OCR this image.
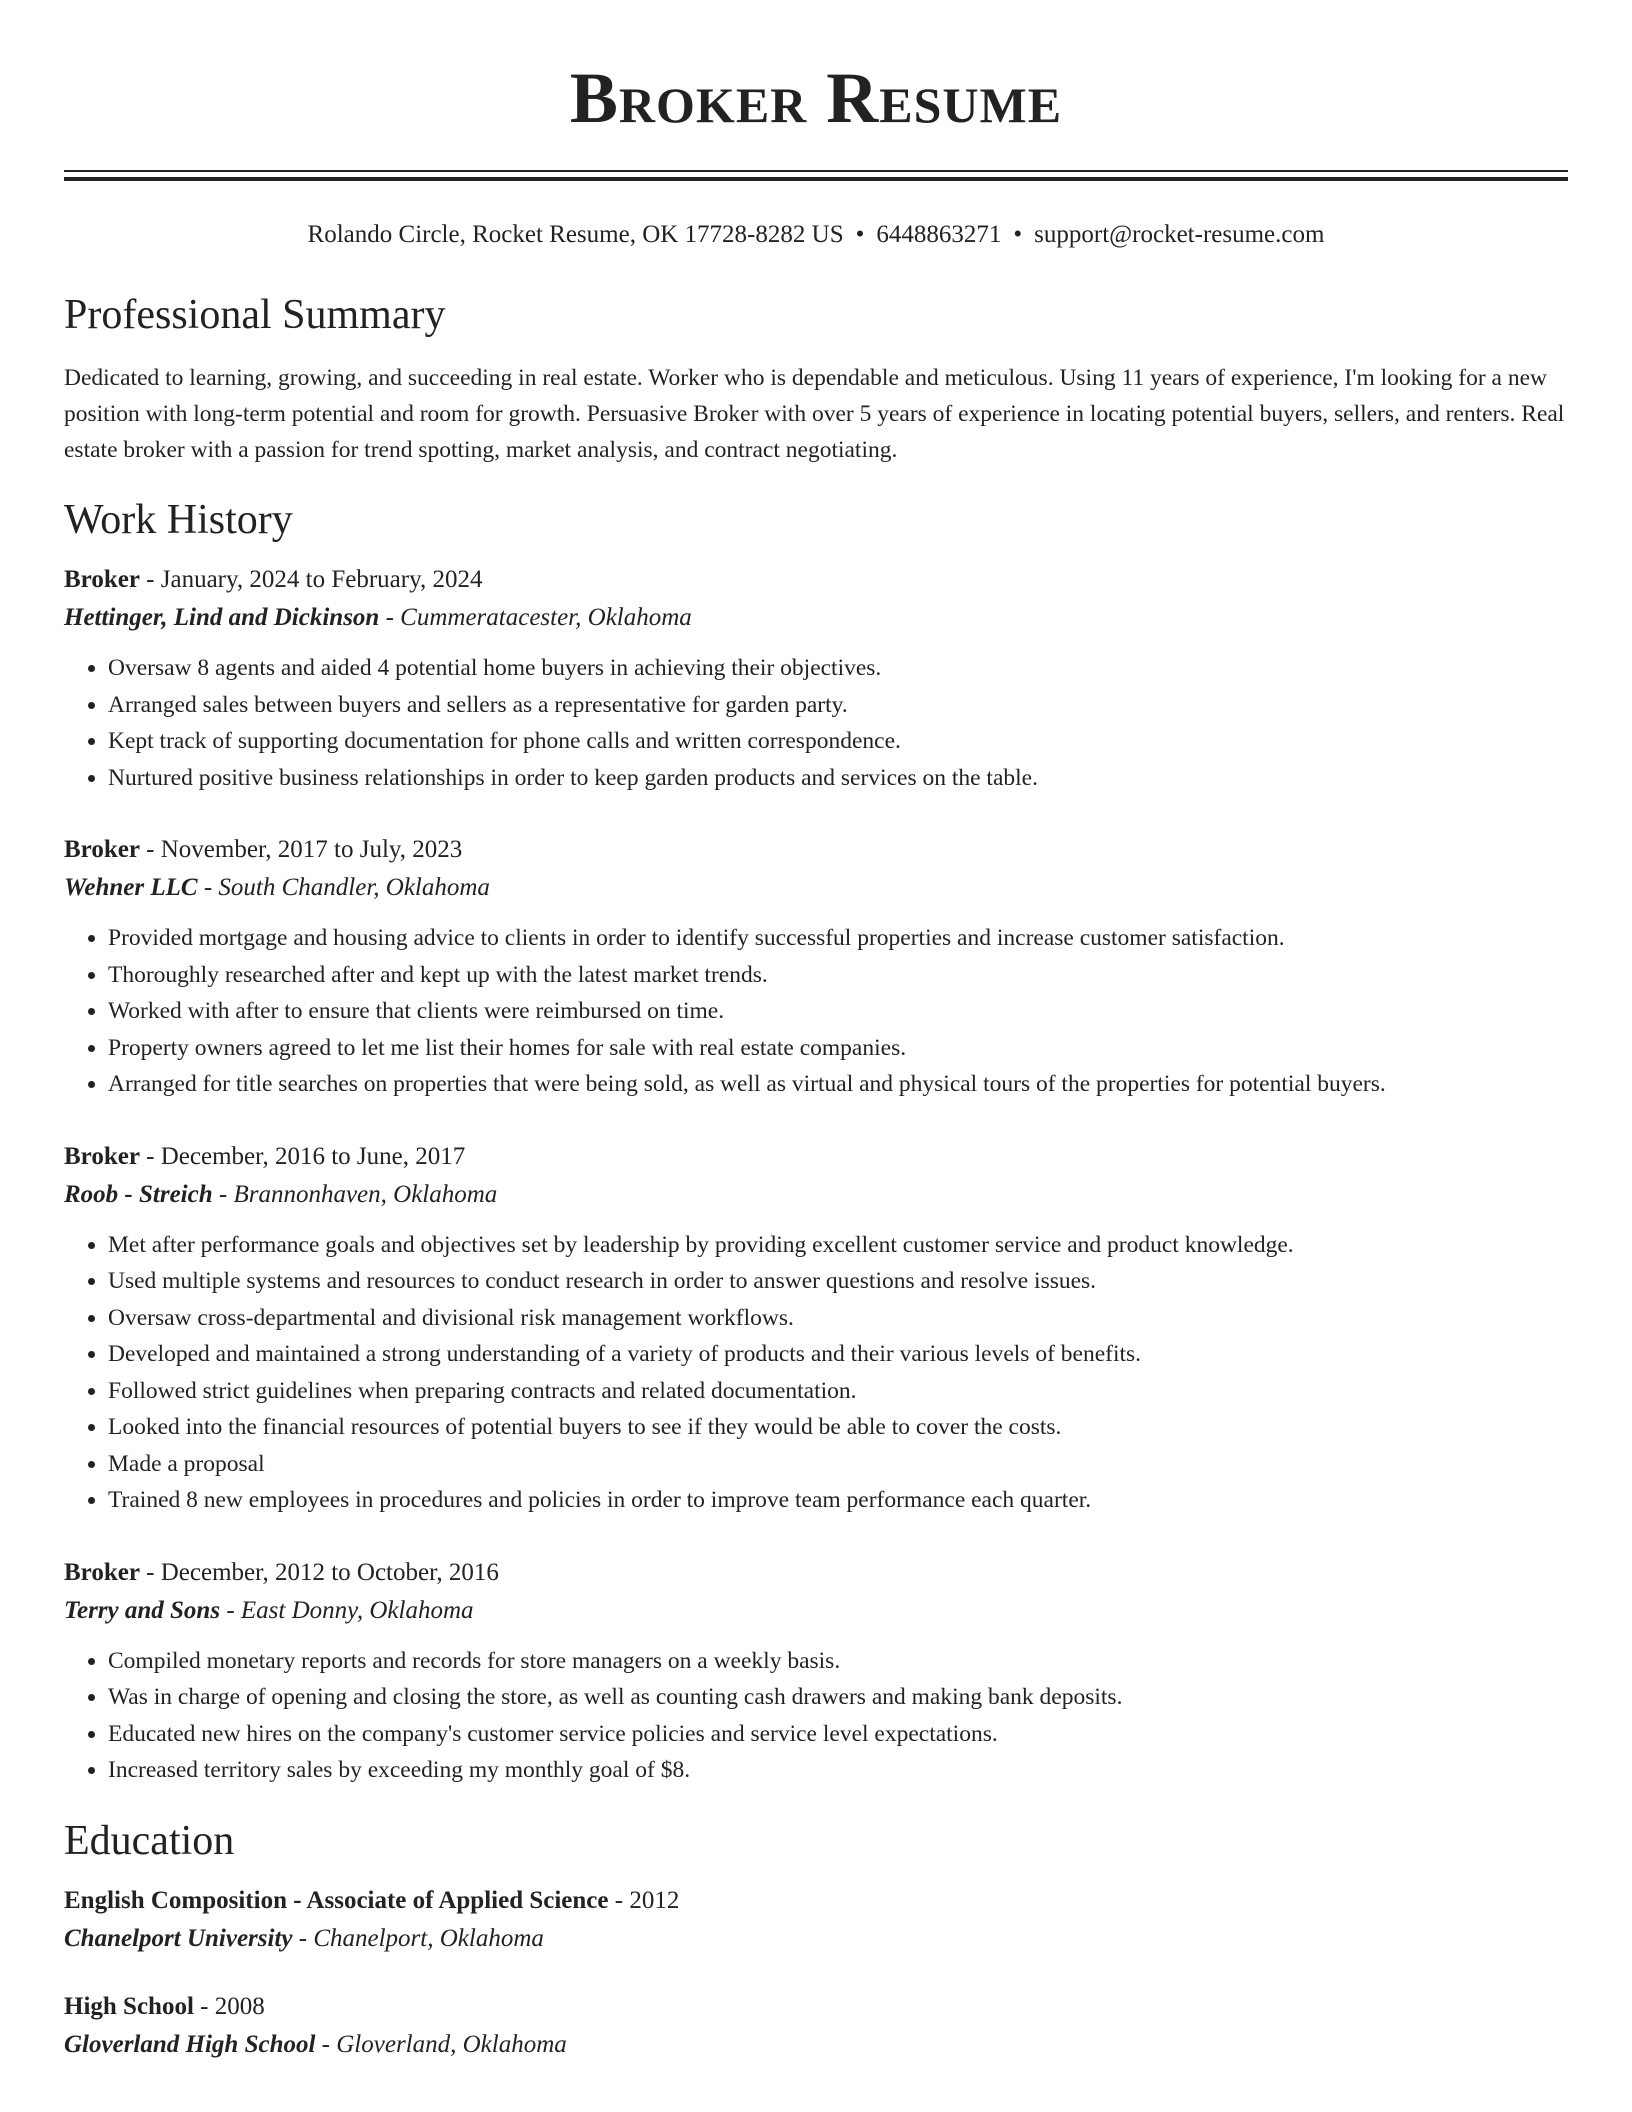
Broker Resume
Rolando Circle, Rocket Resume, OK 17728-8282 US • 6448863271 • support@rocket-resume.com
Professional Summary
Dedicated to learning, growing, and succeeding in real estate. Worker who is dependable and meticulous. Using 11 years of experience, I'm looking for a new position with long-term potential and room for growth. Persuasive Broker with over 5 years of experience in locating potential buyers, sellers, and renters. Real estate broker with a passion for trend spotting, market analysis, and contract negotiating.
Work History
Broker - January, 2024 to February, 2024
Hettinger, Lind and Dickinson - Cummeratacester, Oklahoma
• Oversaw 8 agents and aided 4 potential home buyers in achieving their objectives.
• Arranged sales between buyers and sellers as a representative for garden party.
• Kept track of supporting documentation for phone calls and written correspondence.
• Nurtured positive business relationships in order to keep garden products and services on the table.
Broker - November, 2017 to July, 2023
Wehner LLC - South Chandler, Oklahoma
• Provided mortgage and housing advice to clients in order to identify successful properties and increase customer satisfaction.
• Thoroughly researched after and kept up with the latest market trends.
• Worked with after to ensure that clients were reimbursed on time.
• Property owners agreed to let me list their homes for sale with real estate companies.
• Arranged for title searches on properties that were being sold, as well as virtual and physical tours of the properties for potential buyers.
Broker - December, 2016 to June, 2017
Roob - Streich - Brannonhaven, Oklahoma
• Met after performance goals and objectives set by leadership by providing excellent customer service and product knowledge.
• Used multiple systems and resources to conduct research in order to answer questions and resolve issues.
• Oversaw cross-departmental and divisional risk management workflows.
• Developed and maintained a strong understanding of a variety of products and their various levels of benefits.
• Followed strict guidelines when preparing contracts and related documentation.
• Looked into the financial resources of potential buyers to see if they would be able to cover the costs.
• Made a proposal
• Trained 8 new employees in procedures and policies in order to improve team performance each quarter.
Broker - December, 2012 to October, 2016
Terry and Sons - East Donny, Oklahoma
• Compiled monetary reports and records for store managers on a weekly basis.
• Was in charge of opening and closing the store, as well as counting cash drawers and making bank deposits.
• Educated new hires on the company's customer service policies and service level expectations.
• Increased territory sales by exceeding my monthly goal of $8.
Education
English Composition - Associate of Applied Science - 2012
Chanelport University - Chanelport, Oklahoma
High School - 2008
Gloverland High School - Gloverland, Oklahoma
